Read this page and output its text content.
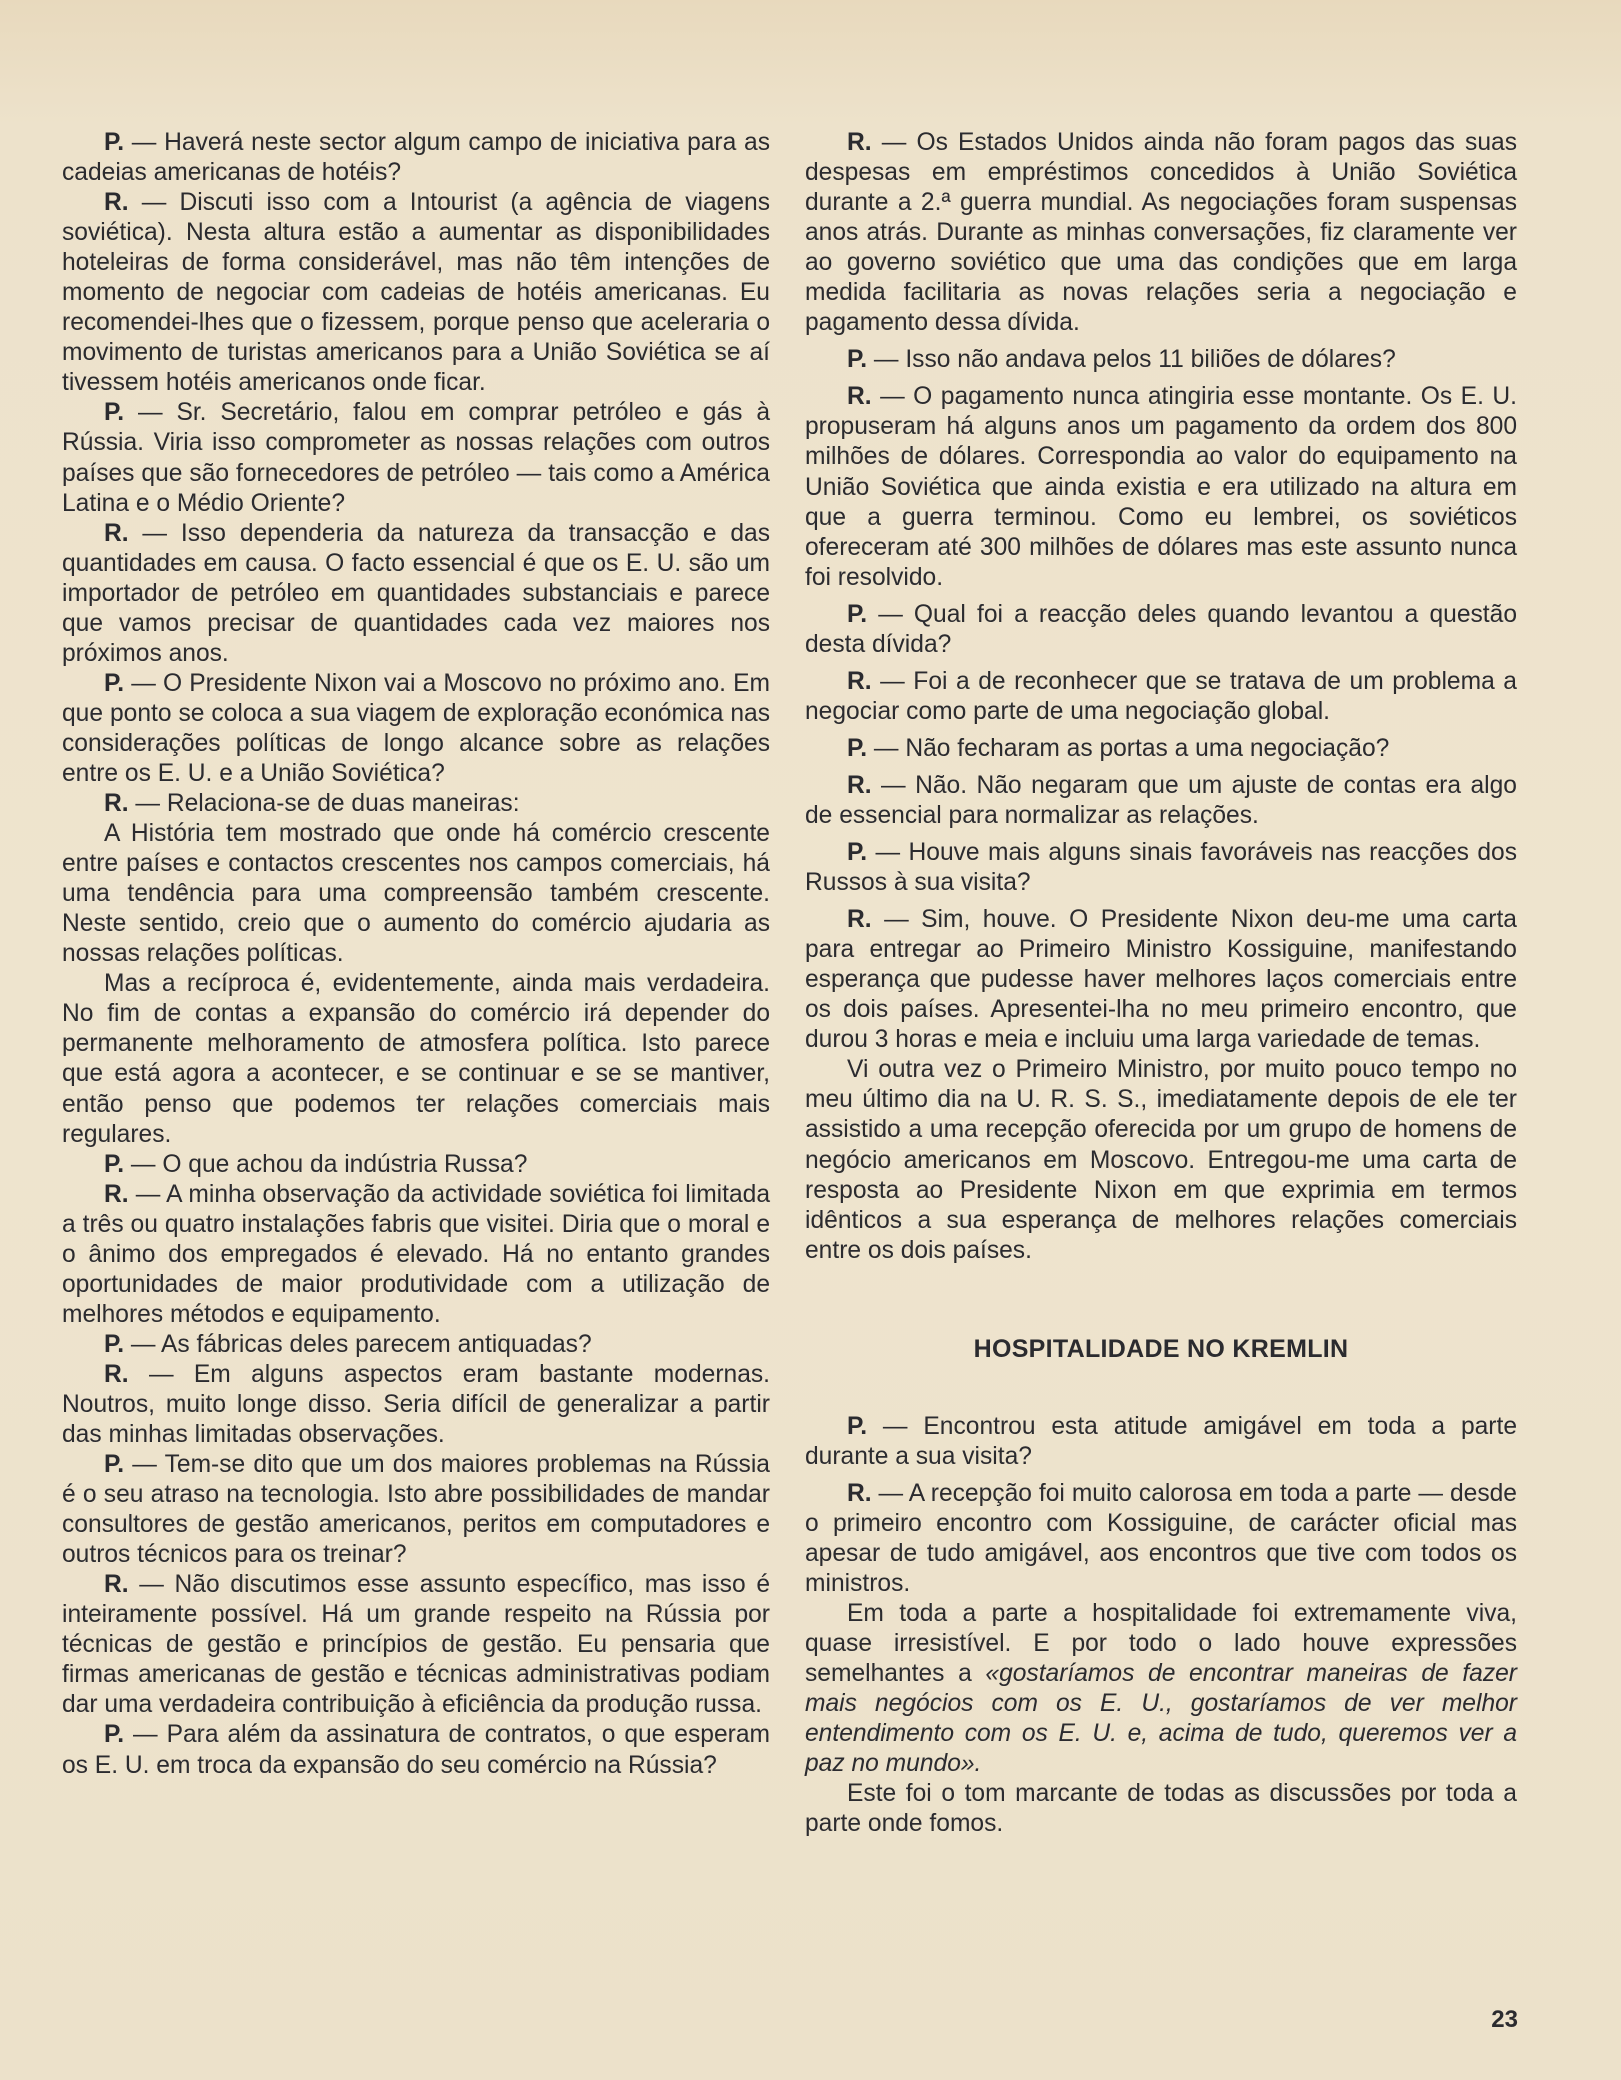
P. — Haverá neste sector algum campo de iniciativa para as cadeias americanas de hotéis?

R. — Discuti isso com a Intourist (a agência de viagens soviética). Nesta altura estão a aumentar as disponibilidades hoteleiras de forma considerável, mas não têm intenções de momento de negociar com cadeias de hotéis americanas. Eu recomendei-lhes que o fizessem, porque penso que aceleraria o movimento de turistas americanos para a União Soviética se aí tivessem hotéis americanos onde ficar.

P. — Sr. Secretário, falou em comprar petróleo e gás à Rússia. Viria isso comprometer as nossas relações com outros países que são fornecedores de petróleo — tais como a América Latina e o Médio Oriente?

R. — Isso dependeria da natureza da transacção e das quantidades em causa. O facto essencial é que os E. U. são um importador de petróleo em quantidades substanciais e parece que vamos precisar de quantidades cada vez maiores nos próximos anos.

P. — O Presidente Nixon vai a Moscovo no próximo ano. Em que ponto se coloca a sua viagem de exploração económica nas considerações políticas de longo alcance sobre as relações entre os E. U. e a União Soviética?

R. — Relaciona-se de duas maneiras:

A História tem mostrado que onde há comércio crescente entre países e contactos crescentes nos campos comerciais, há uma tendência para uma compreensão também crescente. Neste sentido, creio que o aumento do comércio ajudaria as nossas relações políticas.

Mas a recíproca é, evidentemente, ainda mais verdadeira. No fim de contas a expansão do comércio irá depender do permanente melhoramento de atmosfera política. Isto parece que está agora a acontecer, e se continuar e se se mantiver, então penso que podemos ter relações comerciais mais regulares.

P. — O que achou da indústria Russa?

R. — A minha observação da actividade soviética foi limitada a três ou quatro instalações fabris que visitei. Diria que o moral e o ânimo dos empregados é elevado. Há no entanto grandes oportunidades de maior produtividade com a utilização de melhores métodos e equipamento.

P. — As fábricas deles parecem antiquadas?

R. — Em alguns aspectos eram bastante modernas. Noutros, muito longe disso. Seria difícil de generalizar a partir das minhas limitadas observações.

P. — Tem-se dito que um dos maiores problemas na Rússia é o seu atraso na tecnologia. Isto abre possibilidades de mandar consultores de gestão americanos, peritos em computadores e outros técnicos para os treinar?

R. — Não discutimos esse assunto específico, mas isso é inteiramente possível. Há um grande respeito na Rússia por técnicas de gestão e princípios de gestão. Eu pensaria que firmas americanas de gestão e técnicas administrativas podiam dar uma verdadeira contribuição à eficiência da produção russa.

P. — Para além da assinatura de contratos, o que esperam os E. U. em troca da expansão do seu comércio na Rússia?

R. — Os Estados Unidos ainda não foram pagos das suas despesas em empréstimos concedidos à União Soviética durante a 2.ª guerra mundial. As negociações foram suspensas anos atrás. Durante as minhas conversações, fiz claramente ver ao governo soviético que uma das condições que em larga medida facilitaria as novas relações seria a negociação e pagamento dessa dívida.

P. — Isso não andava pelos 11 biliões de dólares?

R. — O pagamento nunca atingiria esse montante. Os E. U. propuseram há alguns anos um pagamento da ordem dos 800 milhões de dólares. Correspondia ao valor do equipamento na União Soviética que ainda existia e era utilizado na altura em que a guerra terminou. Como eu lembrei, os soviéticos ofereceram até 300 milhões de dólares mas este assunto nunca foi resolvido.

P. — Qual foi a reacção deles quando levantou a questão desta dívida?

R. — Foi a de reconhecer que se tratava de um problema a negociar como parte de uma negociação global.

P. — Não fecharam as portas a uma negociação?

R. — Não. Não negaram que um ajuste de contas era algo de essencial para normalizar as relações.

P. — Houve mais alguns sinais favoráveis nas reacções dos Russos à sua visita?

R. — Sim, houve. O Presidente Nixon deu-me uma carta para entregar ao Primeiro Ministro Kossiguine, manifestando esperança que pudesse haver melhores laços comerciais entre os dois países. Apresentei-lha no meu primeiro encontro, que durou 3 horas e meia e incluiu uma larga variedade de temas.

Vi outra vez o Primeiro Ministro, por muito pouco tempo no meu último dia na U. R. S. S., imediatamente depois de ele ter assistido a uma recepção oferecida por um grupo de homens de negócio americanos em Moscovo. Entregou-me uma carta de resposta ao Presidente Nixon em que exprimia em termos idênticos a sua esperança de melhores relações comerciais entre os dois países.

HOSPITALIDADE NO KREMLIN

P. — Encontrou esta atitude amigável em toda a parte durante a sua visita?

R. — A recepção foi muito calorosa em toda a parte — desde o primeiro encontro com Kossiguine, de carácter oficial mas apesar de tudo amigável, aos encontros que tive com todos os ministros.

Em toda a parte a hospitalidade foi extremamente viva, quase irresistível. E por todo o lado houve expressões semelhantes a «gostaríamos de encontrar maneiras de fazer mais negócios com os E. U., gostaríamos de ver melhor entendimento com os E. U. e, acima de tudo, queremos ver a paz no mundo».

Este foi o tom marcante de todas as discussões por toda a parte onde fomos.

23
